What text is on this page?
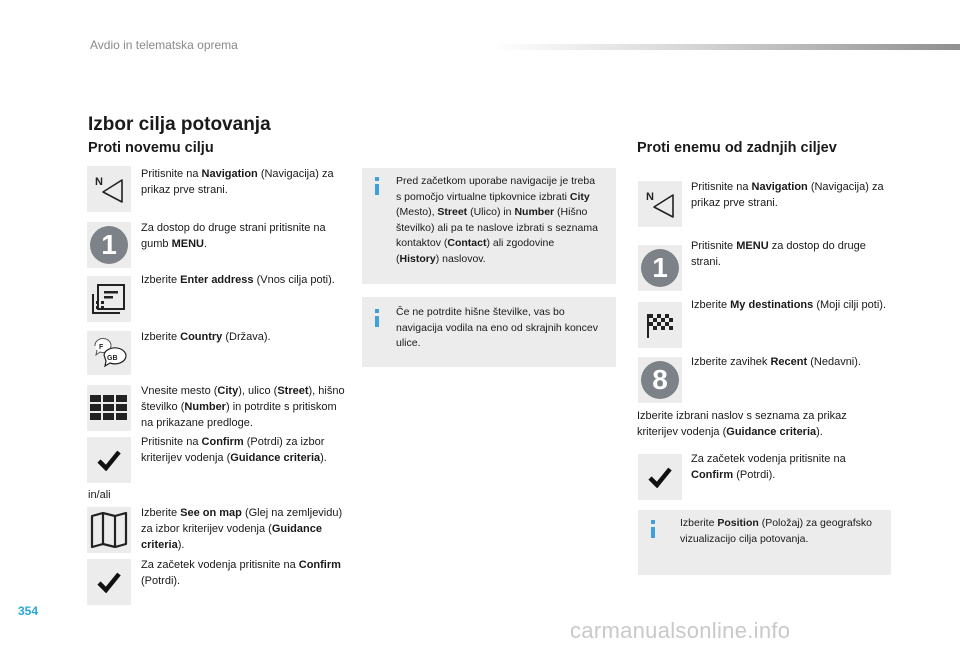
Avdio in telematska oprema
Izbor cilja potovanja
Proti novemu cilju
N
Pritisnite na Navigation (Navigacija) za prikaz prve strani.
1
Za dostop do druge strani pritisnite na gumb MENU.
Izberite Enter address (Vnos cilja poti).
F
GB
Izberite Country (Država).
Vnesite mesto (City), ulico (Street), hišno številko (Number) in potrdite s pritiskom na prikazane predloge.
Pritisnite na Confirm (Potrdi) za izbor kriterijev vodenja (Guidance criteria).
in/ali
Izberite See on map (Glej na zemljevidu) za izbor kriterijev vodenja (Guidance criteria).
Za začetek vodenja pritisnite na Confirm (Potrdi).
Pred začetkom uporabe navigacije je treba s pomočjo virtualne tipkovnice izbrati City (Mesto), Street (Ulico) in Number (Hišno številko) ali pa te naslove izbrati s seznama kontaktov (Contact) ali zgodovine (History) naslovov.
Če ne potrdite hišne številke, vas bo navigacija vodila na eno od skrajnih koncev ulice.
Proti enemu od zadnjih ciljev
N
Pritisnite na Navigation (Navigacija) za prikaz prve strani.
1
Pritisnite MENU za dostop do druge strani.
Izberite My destinations (Moji cilji poti).
8
Izberite zavihek Recent (Nedavni).
Izberite izbrani naslov s seznama za prikaz kriterijev vodenja (Guidance criteria).
Za začetek vodenja pritisnite na Confirm (Potrdi).
Izberite Position (Položaj) za geografsko vizualizacijo cilja potovanja.
354
carmanualsonline.info
